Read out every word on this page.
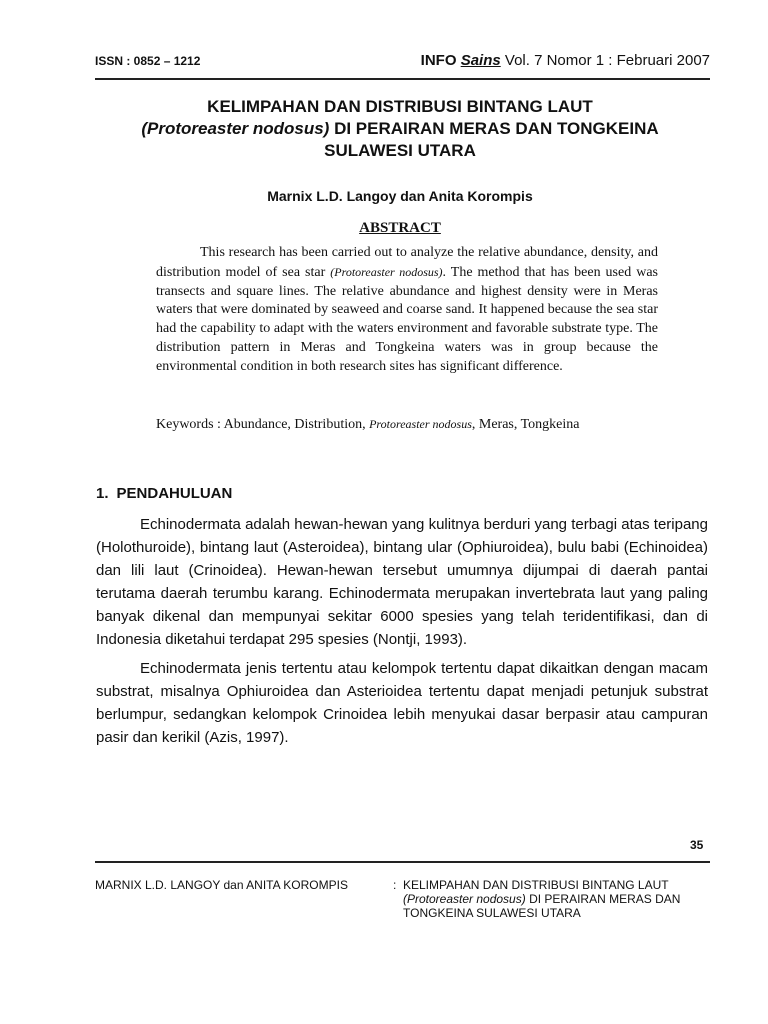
ISSN : 0852 – 1212	INFO Sains Vol. 7 Nomor 1 : Februari 2007
KELIMPAHAN DAN DISTRIBUSI BINTANG LAUT
(Protoreaster nodosus) DI PERAIRAN MERAS DAN TONGKEINA
SULAWESI UTARA
Marnix L.D. Langoy dan Anita Korompis
ABSTRACT

This research has been carried out to analyze the relative abundance, density, and distribution model of sea star (Protoreaster nodosus). The method that has been used was transects and square lines. The relative abundance and highest density were in Meras waters that were dominated by seaweed and coarse sand. It happened because the sea star had the capability to adapt with the waters environment and favorable substrate type. The distribution pattern in Meras and Tongkeina waters was in group because the environmental condition in both research sites has significant difference.

Keywords : Abundance, Distribution, Protoreaster nodosus, Meras, Tongkeina
1. PENDAHULUAN

Echinodermata adalah hewan-hewan yang kulitnya berduri yang terbagi atas teripang (Holothuroide), bintang laut (Asteroidea), bintang ular (Ophiuroidea), bulu babi (Echinoidea) dan lili laut (Crinoidea). Hewan-hewan tersebut umumnya dijumpai di daerah pantai terutama daerah terumbu karang. Echinodermata merupakan invertebrata laut yang paling banyak dikenal dan mempunyai sekitar 6000 spesies yang telah teridentifikasi, dan di Indonesia diketahui terdapat 295 spesies (Nontji, 1993).

Echinodermata jenis tertentu atau kelompok tertentu dapat dikaitkan dengan macam substrat, misalnya Ophiuroidea dan Asterioidea tertentu dapat menjadi petunjuk substrat berlumpur, sedangkan kelompok Crinoidea lebih menyukai dasar berpasir atau campuran pasir dan kerikil (Azis, 1997).

35
MARNIX L.D. LANGOY dan ANITA KOROMPIS	: KELIMPAHAN DAN DISTRIBUSI BINTANG LAUT
(Protoreaster nodosus) DI PERAIRAN MERAS DAN
TONGKEINA SULAWESI UTARA
